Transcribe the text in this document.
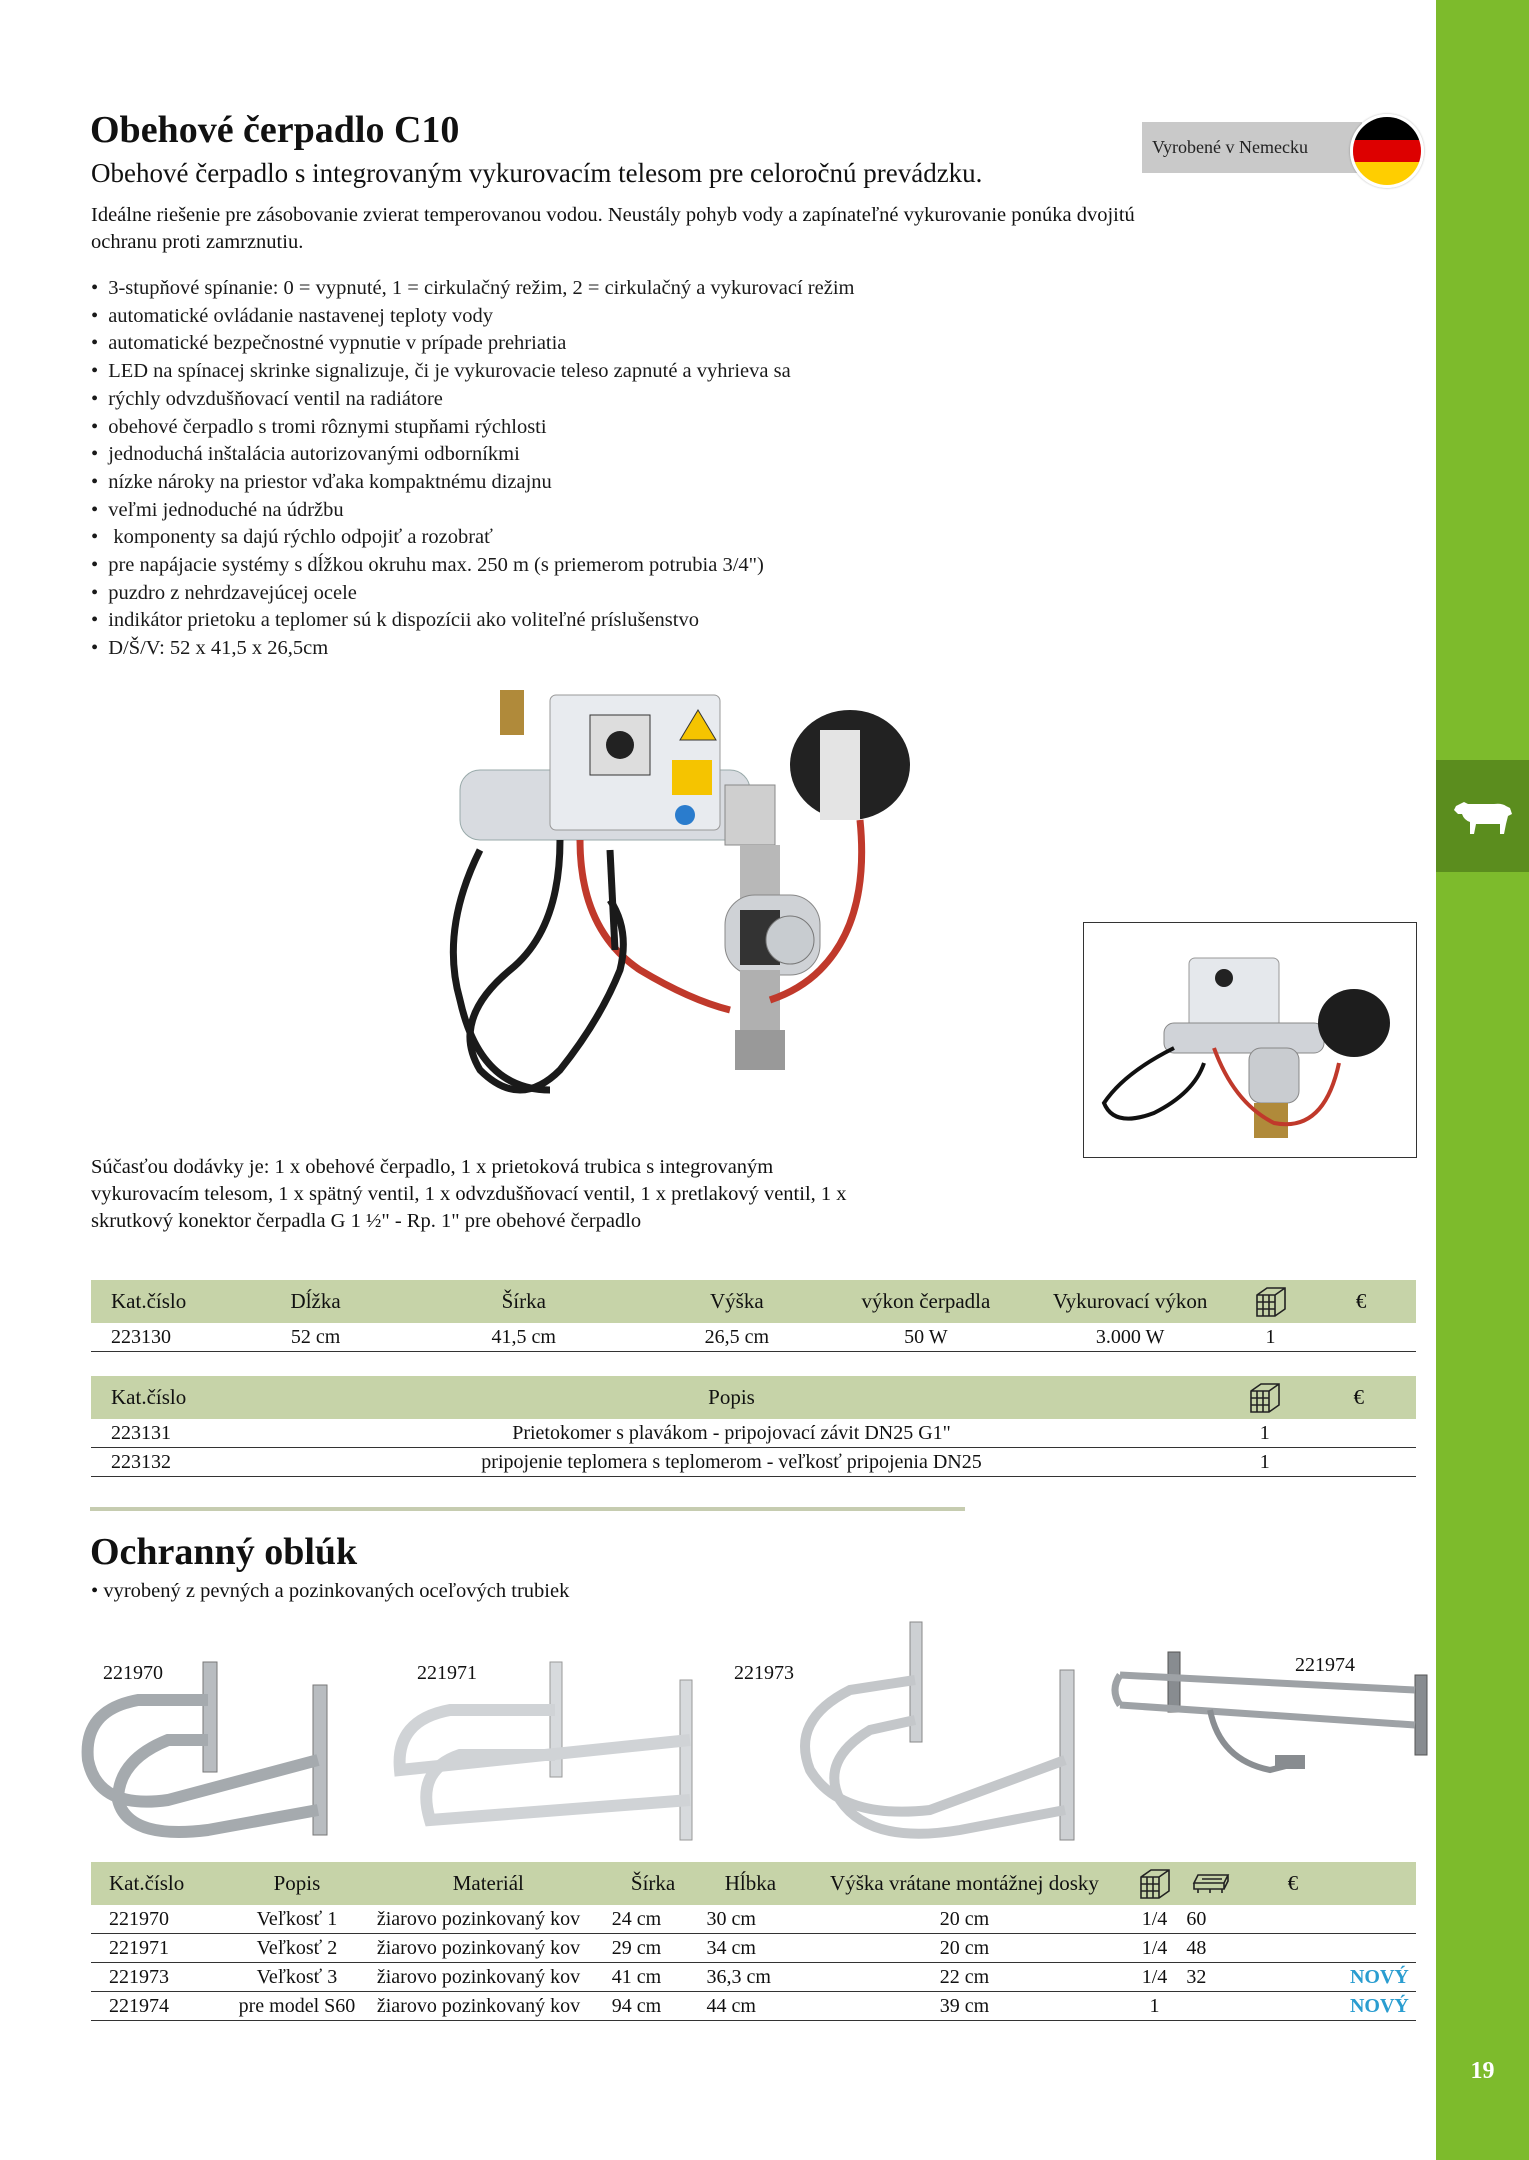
19
Obehové čerpadlo C10
Obehové čerpadlo s integrovaným vykurovacím telesom pre celoročnú prevádzku.
Ideálne riešenie pre zásobovanie zvierat temperovanou vodou. Neustály pohyb vody a zapínateľné vykurovanie ponúka dvojitú ochranu proti zamrznutiu.
Vyrobené v Nemecku
• 3-stupňové spínanie: 0 = vypnuté, 1 = cirkulačný režim, 2 = cirkulačný a vykurovací režim
• automatické ovládanie nastavenej teploty vody
• automatické bezpečnostné vypnutie v prípade prehriatia
• LED na spínacej skrinke signalizuje, či je vykurovacie teleso zapnuté a vyhrieva sa
• rýchly odvzdušňovací ventil na radiátore
• obehové čerpadlo s tromi rôznymi stupňami rýchlosti
• jednoduchá inštalácia autorizovanými odborníkmi
• nízke nároky na priestor vďaka kompaktnému dizajnu
• veľmi jednoduché na údržbu
•  komponenty sa dajú rýchlo odpojiť a rozobrať
• pre napájacie systémy s dĺžkou okruhu max. 250 m (s priemerom potrubia 3/4")
• puzdro z nehrdzavejúcej ocele
• indikátor prietoku a teplomer sú k dispozícii ako voliteľné príslušenstvo
• D/Š/V: 52 x 41,5 x 26,5cm
Súčasťou dodávky je: 1 x obehové čerpadlo, 1 x prietoková trubica s integrovaným vykurovacím telesom, 1 x spätný ventil, 1 x odvzdušňovací ventil, 1 x pretlakový ventil, 1 x skrutkový konektor čerpadla G 1 ½" - Rp. 1" pre obehové čerpadlo
Kat.číslo	Dĺžka	Šírka	Výška	výkon čerpadla	Vykurovací výkon		€
223130	52 cm	41,5 cm	26,5 cm	50 W	3.000 W	1	
Kat.číslo	Popis		€
223131	Prietokomer s plavákom - pripojovací závit DN25 G1"	1	
223132	pripojenie teplomera s teplomerom - veľkosť pripojenia DN25	1	
Ochranný oblúk
• vyrobený z pevných a pozinkovaných oceľových trubiek
221970	221971	221973	221974
Kat.číslo	Popis	Materiál	Šírka	Hĺbka	Výška vrátane montážnej dosky			€	
221970	Veľkosť 1	žiarovo pozinkovaný kov	24 cm	30 cm	20 cm	1/4	60		
221971	Veľkosť 2	žiarovo pozinkovaný kov	29 cm	34 cm	20 cm	1/4	48		
221973	Veľkosť 3	žiarovo pozinkovaný kov	41 cm	36,3 cm	22 cm	1/4	32		NOVÝ
221974	pre model S60	žiarovo pozinkovaný kov	94 cm	44 cm	39 cm	1			NOVÝ
